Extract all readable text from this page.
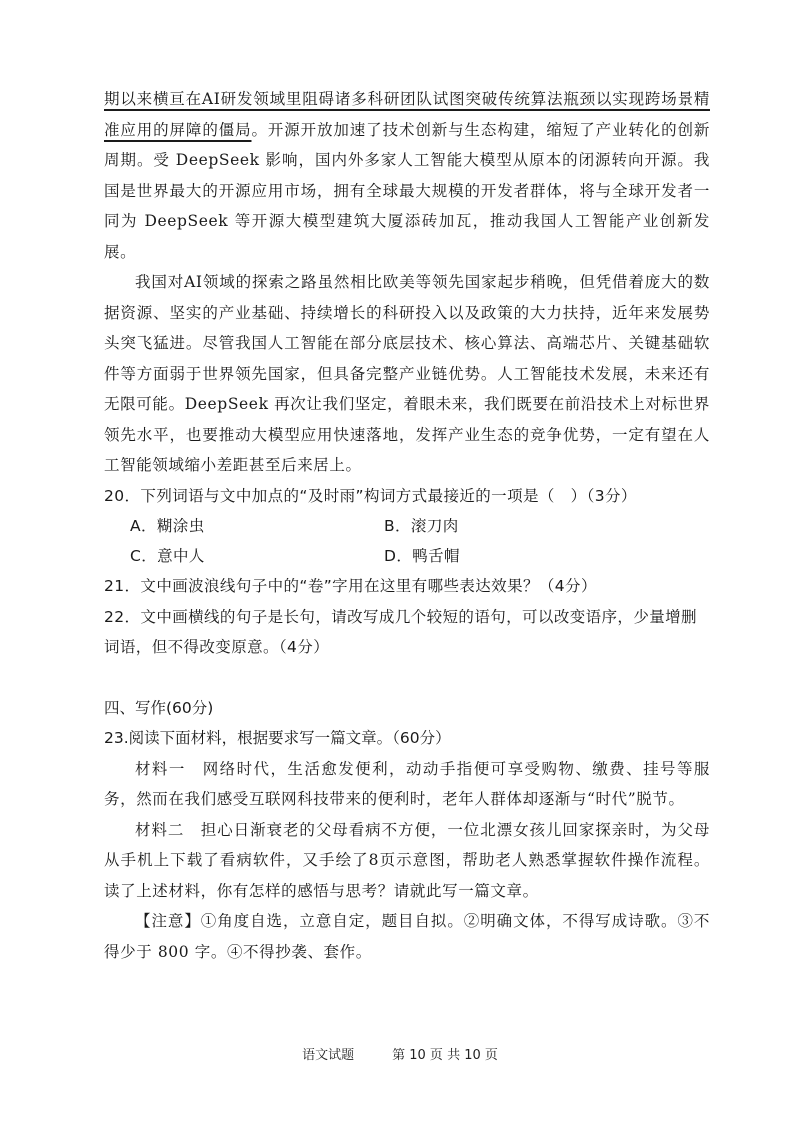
期以来横亘在AI研发领域里阻碍诸多科研团队试图突破传统算法瓶颈以实现跨场景精准应用的屏障的僵局。开源开放加速了技术创新与生态构建，缩短了产业转化的创新周期。受 DeepSeek 影响，国内外多家人工智能大模型从原本的闭源转向开源。我国是世界最大的开源应用市场，拥有全球最大规模的开发者群体，将与全球开发者一同为 DeepSeek 等开源大模型建筑大厦添砖加瓦，推动我国人工智能产业创新发展。

我国对AI领域的探索之路虽然相比欧美等领先国家起步稍晚，但凭借着庞大的数据资源、坚实的产业基础、持续增长的科研投入以及政策的大力扶持，近年来发展势头突飞猛进。尽管我国人工智能在部分底层技术、核心算法、高端芯片、关键基础软件等方面弱于世界领先国家，但具备完整产业链优势。人工智能技术发展，未来还有无限可能。DeepSeek 再次让我们坚定，着眼未来，我们既要在前沿技术上对标世界领先水平，也要推动大模型应用快速落地，发挥产业生态的竞争优势，一定有望在人工智能领域缩小差距甚至后来居上。

20．下列词语与文中加点的“及时雨”构词方式最接近的一项是（　）（3分）

A．糊涂虫	B．滚刀肉

C．意中人	D．鸭舌帽

21．文中画波浪线句子中的“卷”字用在这里有哪些表达效果？（4分）

22．文中画横线的句子是长句，请改写成几个较短的语句，可以改变语序，少量增删词语，但不得改变原意。（4分）

四、写作(60分)

23.阅读下面材料，根据要求写一篇文章。（60分）

材料一　网络时代，生活愈发便利，动动手指便可享受购物、缴费、挂号等服务，然而在我们感受互联网科技带来的便利时，老年人群体却逐渐与“时代”脱节。

材料二　担心日渐衰老的父母看病不方便，一位北漂女孩儿回家探亲时，为父母从手机上下载了看病软件，又手绘了8页示意图，帮助老人熟悉掌握软件操作流程。读了上述材料，你有怎样的感悟与思考？请就此写一篇文章。

【注意】①角度自选，立意自定，题目自拟。②明确文体，不得写成诗歌。③不得少于 800 字。④不得抄袭、套作。

语文试题	第 10 页 共 10 页
